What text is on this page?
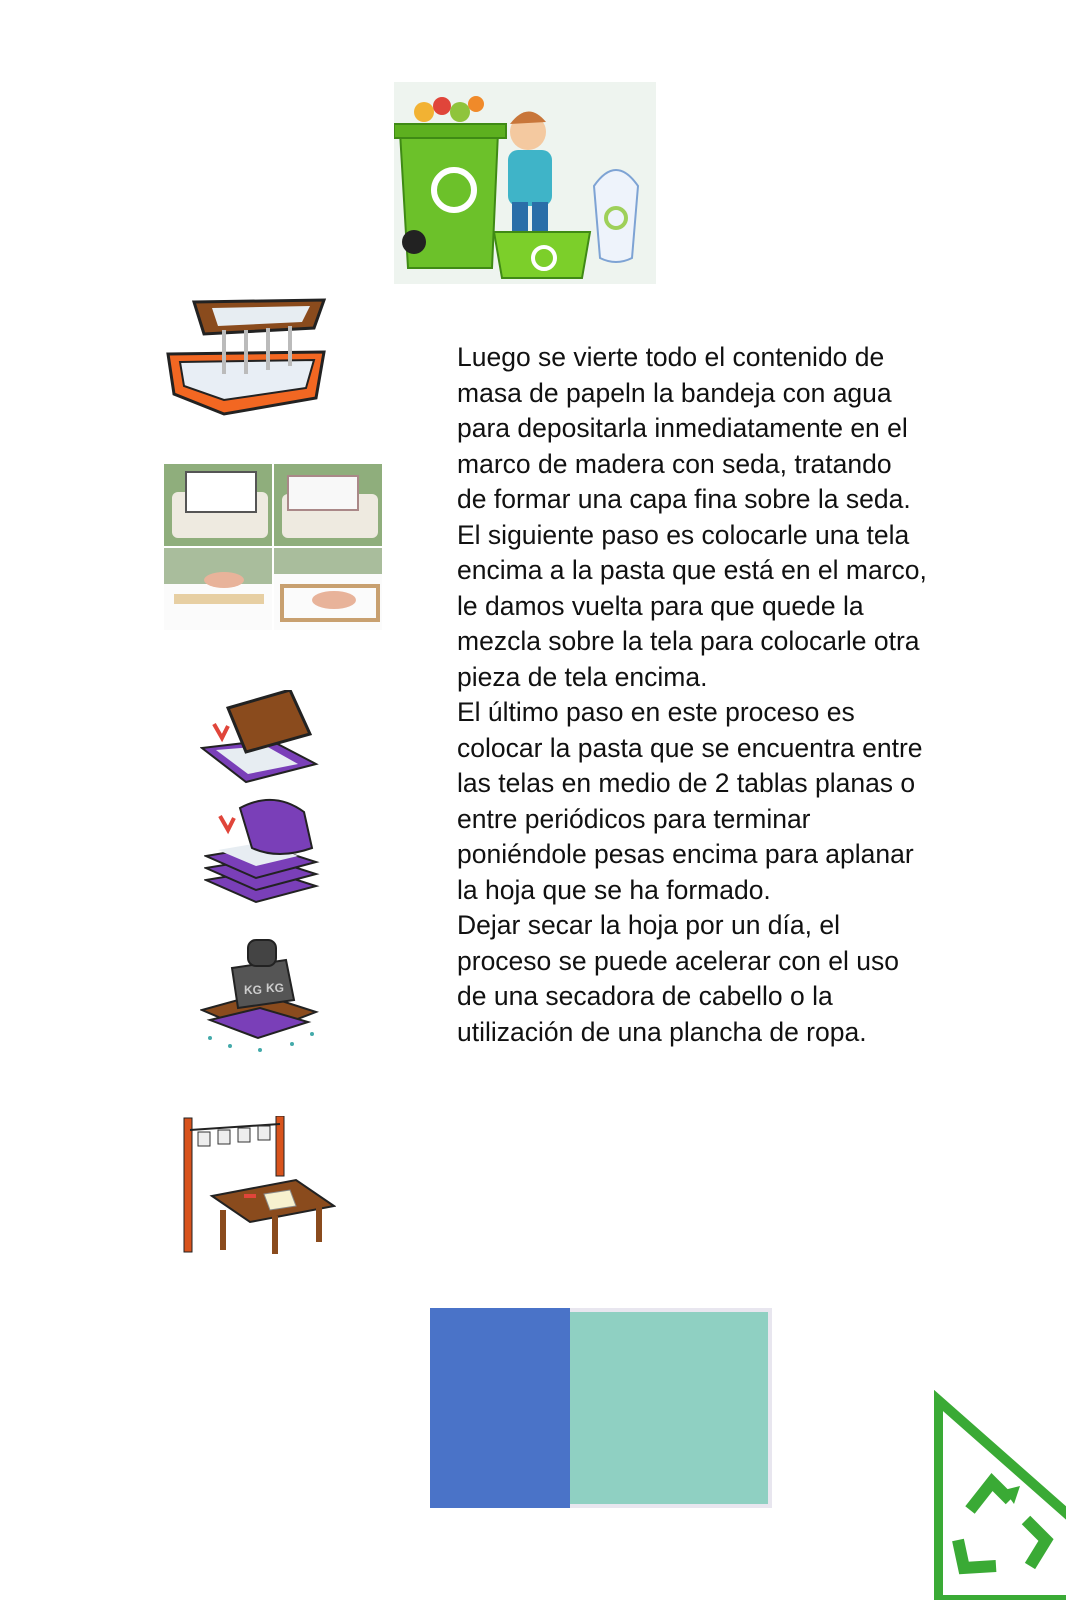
KG KG

Luego se vierte todo el contenido de masa de papeln la bandeja con agua para depositarla inmediatamente en el marco de madera con seda, tratando de formar una capa fina sobre la seda.

El siguiente paso es colocarle una tela encima a la pasta que está en el marco, le damos vuelta para que quede la mezcla sobre la tela para colocarle otra pieza de tela encima.

El último paso en este proceso es colocar la pasta que se encuentra entre las telas en medio de 2 tablas planas o entre periódicos para terminar poniéndole pesas encima para aplanar la hoja que se ha formado.

Dejar secar la hoja por un día, el proceso se puede acelerar con el uso de una secadora de cabello o la utilización de una plancha de ropa.
